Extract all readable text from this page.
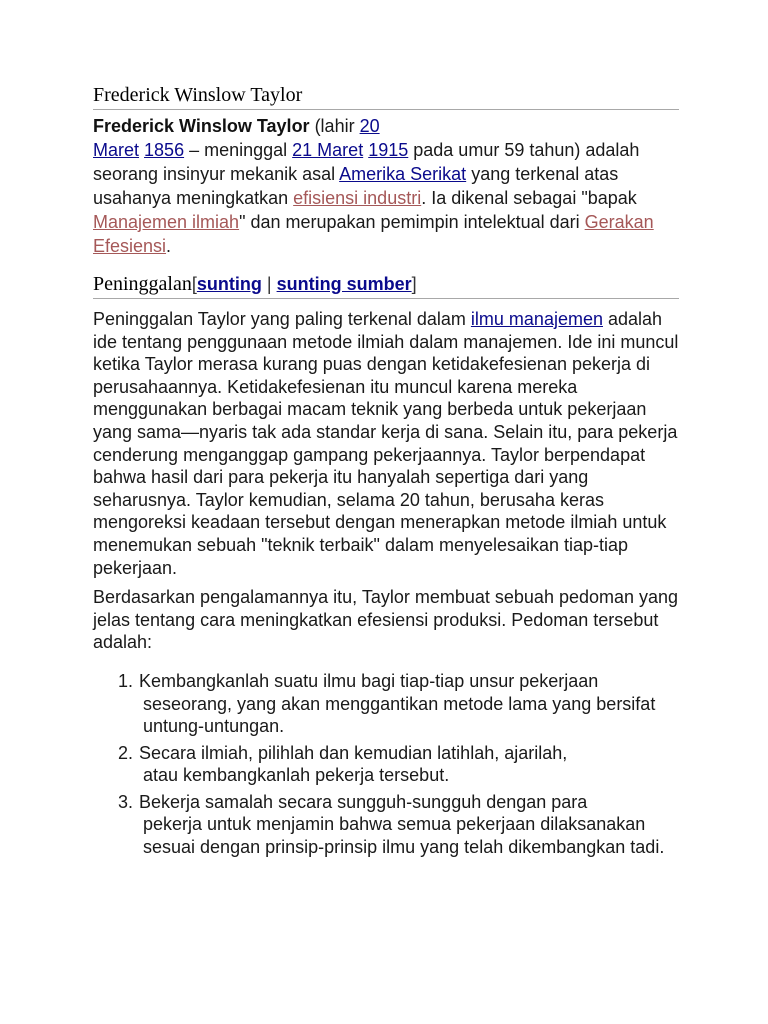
Frederick Winslow Taylor
Frederick Winslow Taylor (lahir 20
Maret 1856 – meninggal 21 Maret 1915 pada umur 59 tahun) adalah seorang insinyur mekanik asal Amerika Serikat yang terkenal atas usahanya meningkatkan efisiensi industri. Ia dikenal sebagai "bapak Manajemen ilmiah" dan merupakan pemimpin intelektual dari Gerakan Efesiensi.
Peninggalan[sunting | sunting sumber]

Peninggalan Taylor yang paling terkenal dalam ilmu manajemen adalah ide tentang penggunaan metode ilmiah dalam manajemen. Ide ini muncul ketika Taylor merasa kurang puas dengan ketidakefesienan pekerja di perusahaannya. Ketidakefesienan itu muncul karena mereka menggunakan berbagai macam teknik yang berbeda untuk pekerjaan yang sama—nyaris tak ada standar kerja di sana. Selain itu, para pekerja cenderung menganggap gampang pekerjaannya. Taylor berpendapat bahwa hasil dari para pekerja itu hanyalah sepertiga dari yang seharusnya. Taylor kemudian, selama 20 tahun, berusaha keras mengoreksi keadaan tersebut dengan menerapkan metode ilmiah untuk menemukan sebuah "teknik terbaik" dalam menyelesaikan tiap-tiap pekerjaan.

Berdasarkan pengalamannya itu, Taylor membuat sebuah pedoman yang jelas tentang cara meningkatkan efesiensi produksi. Pedoman tersebut adalah:

1. Kembangkanlah suatu ilmu bagi tiap-tiap unsur pekerjaan
seseorang, yang akan menggantikan metode lama yang bersifat untung-untungan.
2. Secara ilmiah, pilihlah dan kemudian latihlah, ajarilah,
atau kembangkanlah pekerja tersebut.
3. Bekerja samalah secara sungguh-sungguh dengan para
pekerja untuk menjamin bahwa semua pekerjaan dilaksanakan sesuai dengan prinsip-prinsip ilmu yang telah dikembangkan tadi.
